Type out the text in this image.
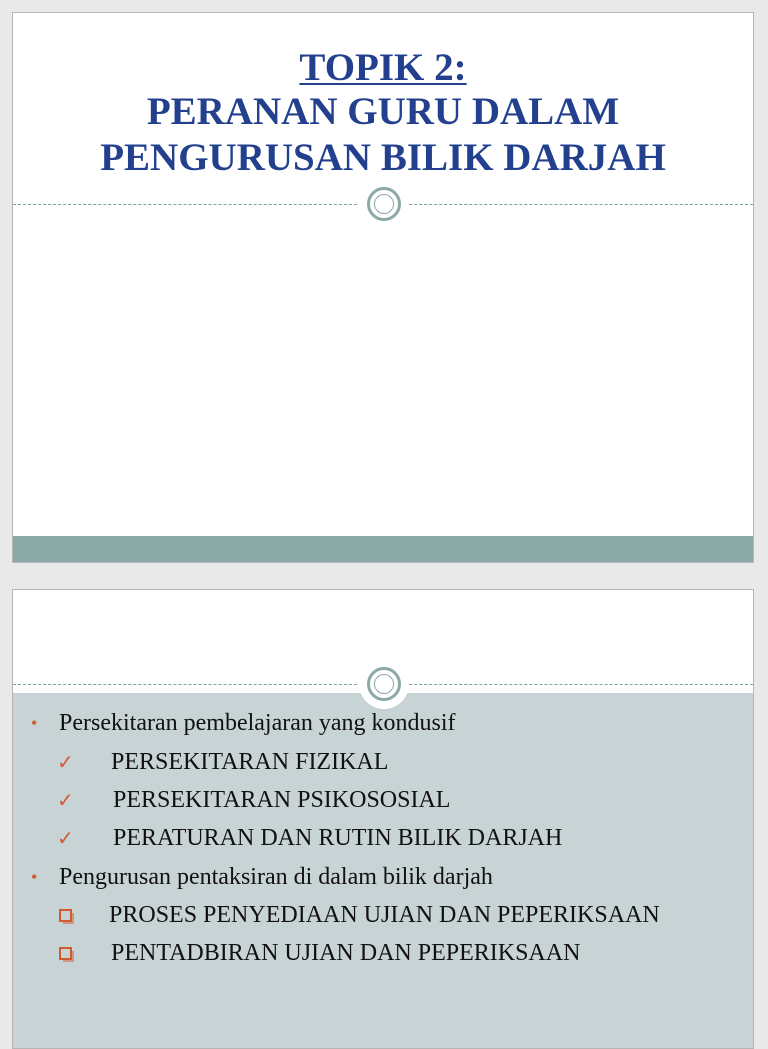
TOPIK 2:
PERANAN GURU DALAM
PENGURUSAN BILIK DARJAH
• Persekitaran pembelajaran yang kondusif
✓ PERSEKITARAN FIZIKAL
✓ PERSEKITARAN PSIKOSOSIAL
✓ PERATURAN DAN RUTIN BILIK DARJAH
• Pengurusan pentaksiran di dalam bilik darjah
PROSES PENYEDIAAN UJIAN DAN PEPERIKSAAN
PENTADBIRAN UJIAN DAN PEPERIKSAAN
